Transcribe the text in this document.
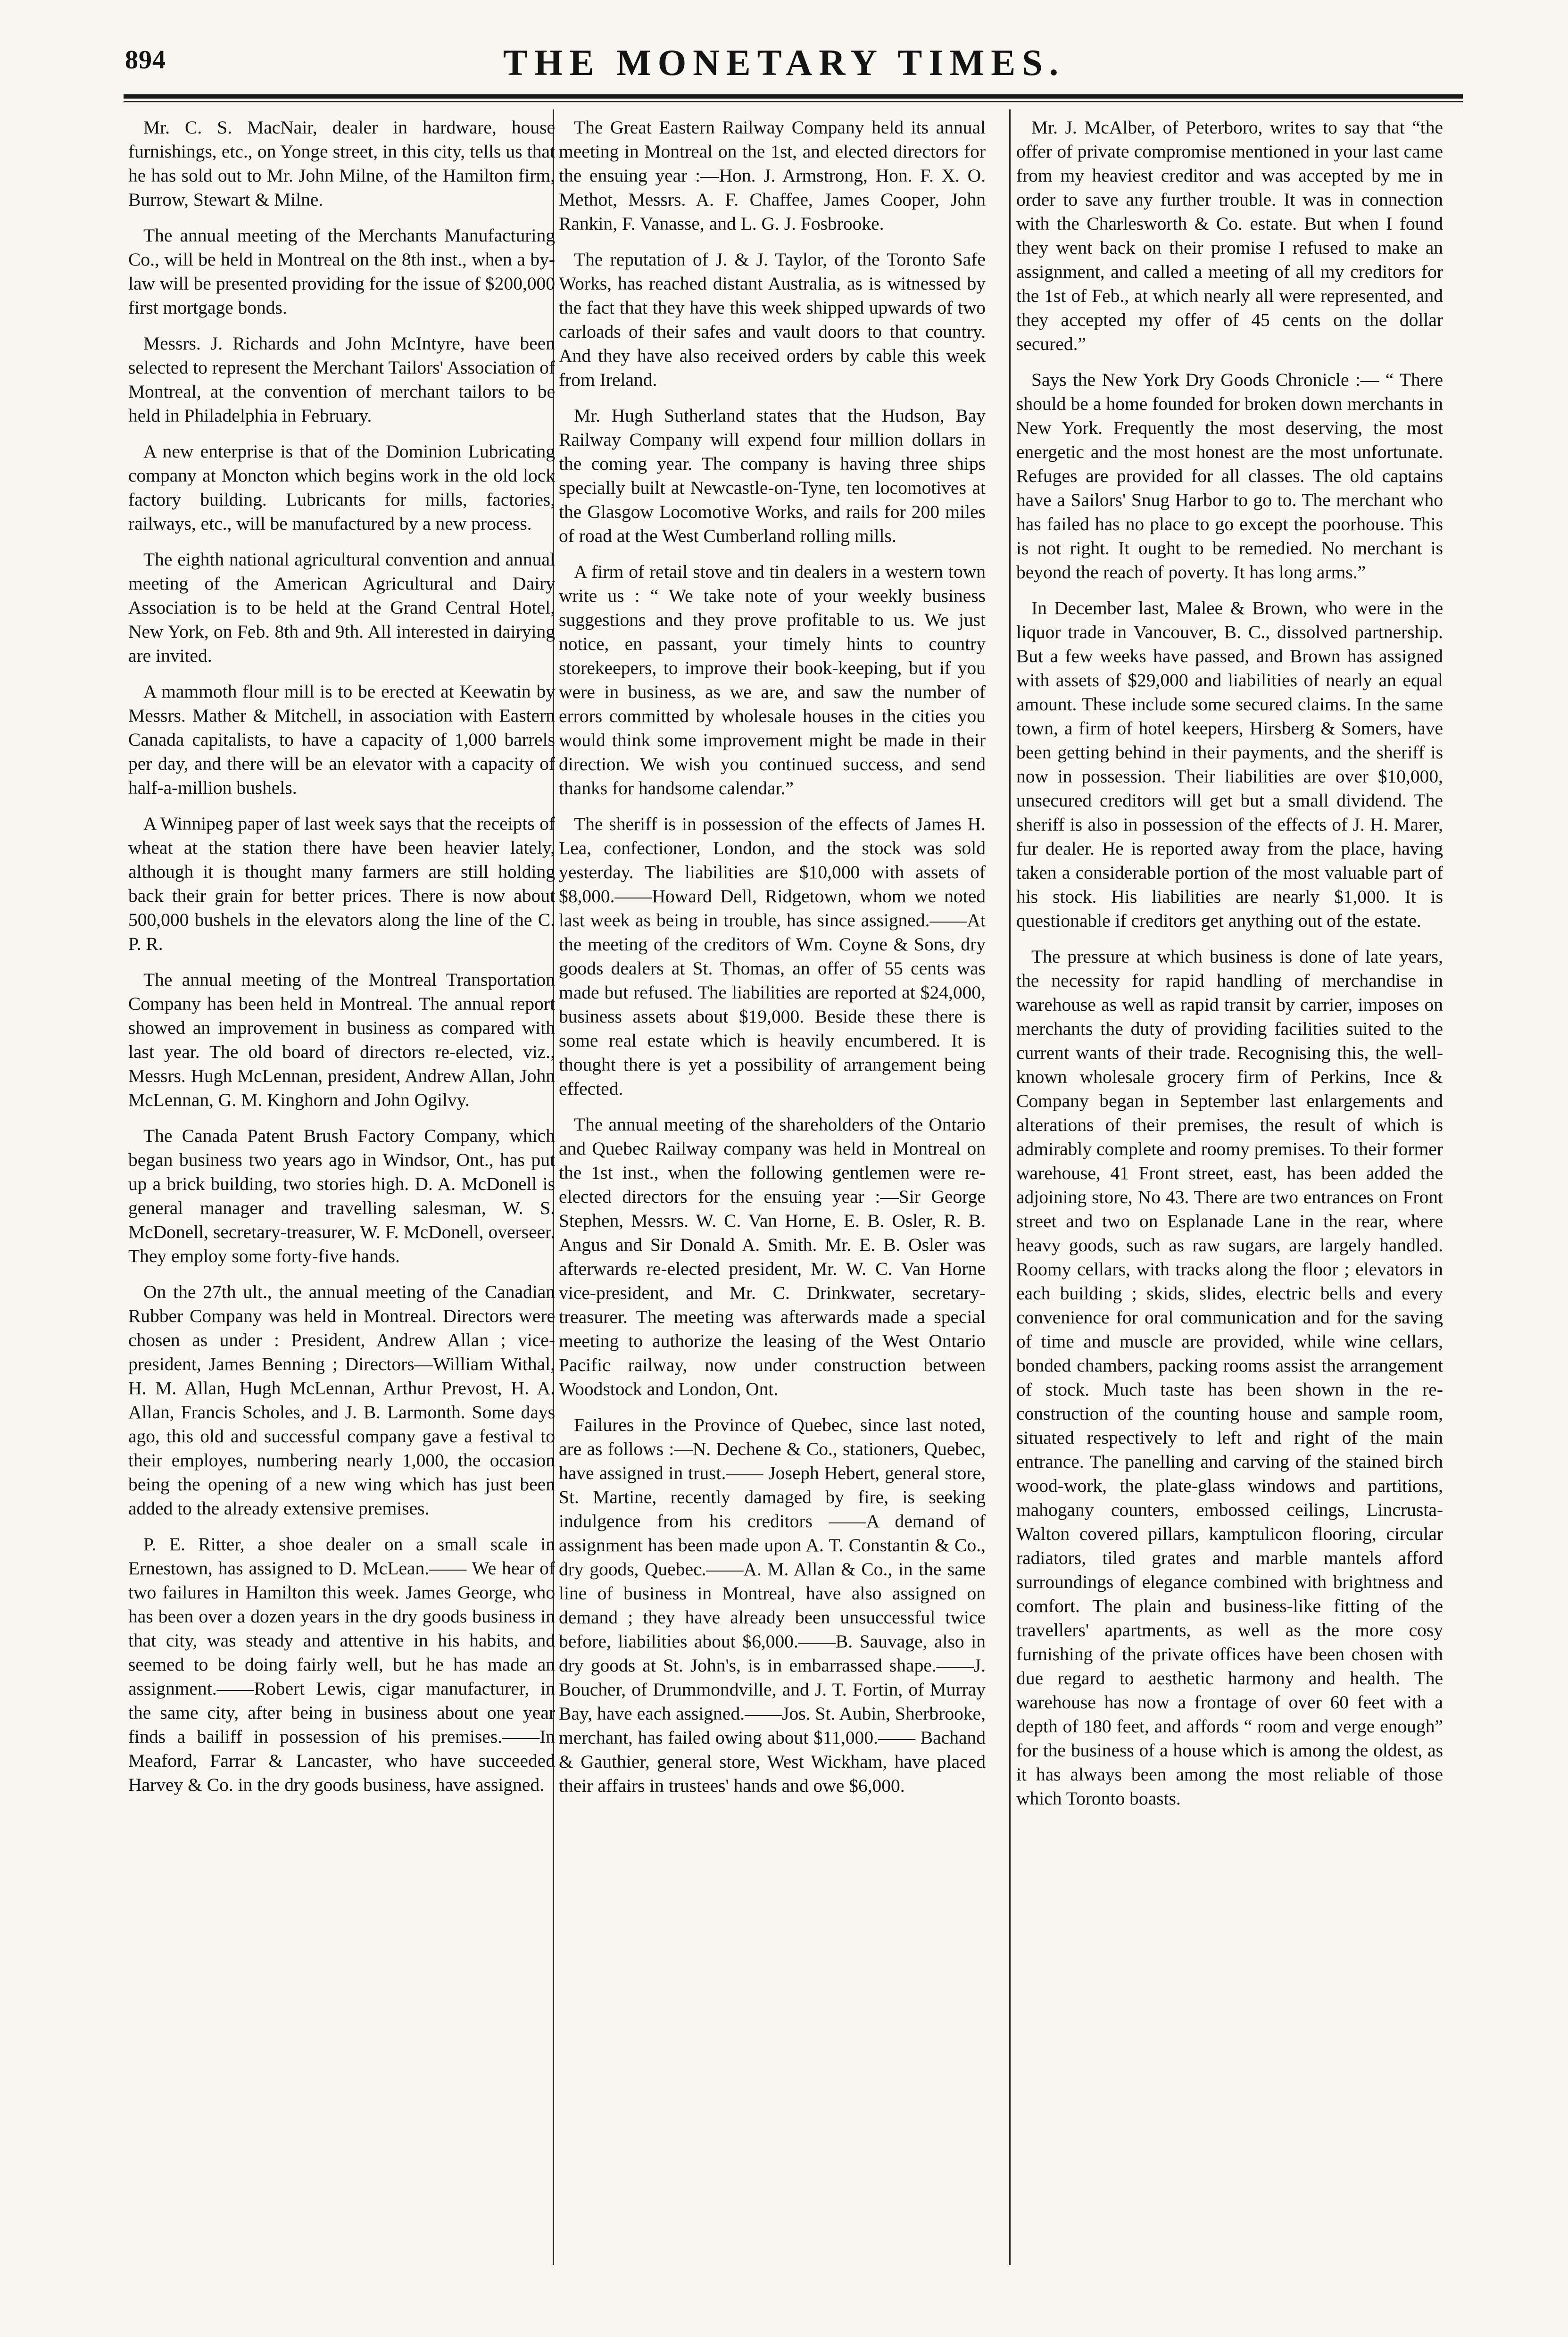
894	THE MONETARY TIMES.

Mr. C. S. MacNair, dealer in hardware, house furnishings, etc., on Yonge street, in this city, tells us that he has sold out to Mr. John Milne, of the Hamilton firm, Burrow, Stewart & Milne.

The annual meeting of the Merchants Manufacturing Co., will be held in Montreal on the 8th inst., when a by-law will be presented providing for the issue of $200,000 first mortgage bonds.

Messrs. J. Richards and John McIntyre, have been selected to represent the Merchant Tailors' Association of Montreal, at the convention of merchant tailors to be held in Philadelphia in February.

A new enterprise is that of the Dominion Lubricating company at Moncton which begins work in the old lock factory building. Lubricants for mills, factories, railways, etc., will be manufactured by a new process.

The eighth national agricultural convention and annual meeting of the American Agricultural and Dairy Association is to be held at the Grand Central Hotel, New York, on Feb. 8th and 9th. All interested in dairying are invited.

A mammoth flour mill is to be erected at Keewatin by Messrs. Mather & Mitchell, in association with Eastern Canada capitalists, to have a capacity of 1,000 barrels per day, and there will be an elevator with a capacity of half-a-million bushels.

A Winnipeg paper of last week says that the receipts of wheat at the station there have been heavier lately, although it is thought many farmers are still holding back their grain for better prices. There is now about 500,000 bushels in the elevators along the line of the C. P. R.

The annual meeting of the Montreal Transportation Company has been held in Montreal. The annual report showed an improvement in business as compared with last year. The old board of directors re-elected, viz., Messrs. Hugh McLennan, president, Andrew Allan, John McLennan, G. M. Kinghorn and John Ogilvy.

The Canada Patent Brush Factory Company, which began business two years ago in Windsor, Ont., has put up a brick building, two stories high. D. A. McDonell is general manager and travelling salesman, W. S. McDonell, secretary-treasurer, W. F. McDonell, overseer. They employ some forty-five hands.

On the 27th ult., the annual meeting of the Canadian Rubber Company was held in Montreal. Directors were chosen as under : President, Andrew Allan ; vice-president, James Benning ; Directors—William Withal, H. M. Allan, Hugh McLennan, Arthur Prevost, H. A. Allan, Francis Scholes, and J. B. Larmonth. Some days ago, this old and successful company gave a festival to their employes, numbering nearly 1,000, the occasion being the opening of a new wing which has just been added to the already extensive premises.

P. E. Ritter, a shoe dealer on a small scale in Ernestown, has assigned to D. McLean.—— We hear of two failures in Hamilton this week. James George, who has been over a dozen years in the dry goods business in that city, was steady and attentive in his habits, and seemed to be doing fairly well, but he has made an assignment.——Robert Lewis, cigar manufacturer, in the same city, after being in business about one year finds a bailiff in possession of his premises.——In Meaford, Farrar & Lancaster, who have succeeded Harvey & Co. in the dry goods business, have assigned.

The Great Eastern Railway Company held its annual meeting in Montreal on the 1st, and elected directors for the ensuing year :—Hon. J. Armstrong, Hon. F. X. O. Methot, Messrs. A. F. Chaffee, James Cooper, John Rankin, F. Vanasse, and L. G. J. Fosbrooke.

The reputation of J. & J. Taylor, of the Toronto Safe Works, has reached distant Australia, as is witnessed by the fact that they have this week shipped upwards of two carloads of their safes and vault doors to that country. And they have also received orders by cable this week from Ireland.

Mr. Hugh Sutherland states that the Hudson, Bay Railway Company will expend four million dollars in the coming year. The company is having three ships specially built at Newcastle-on-Tyne, ten locomotives at the Glasgow Locomotive Works, and rails for 200 miles of road at the West Cumberland rolling mills.

A firm of retail stove and tin dealers in a western town write us : “ We take note of your weekly business suggestions and they prove profitable to us. We just notice, en passant, your timely hints to country storekeepers, to improve their book-keeping, but if you were in business, as we are, and saw the number of errors committed by wholesale houses in the cities you would think some improvement might be made in their direction. We wish you continued success, and send thanks for handsome calendar.”

The sheriff is in possession of the effects of James H. Lea, confectioner, London, and the stock was sold yesterday. The liabilities are $10,000 with assets of $8,000.——Howard Dell, Ridgetown, whom we noted last week as being in trouble, has since assigned.——At the meeting of the creditors of Wm. Coyne & Sons, dry goods dealers at St. Thomas, an offer of 55 cents was made but refused. The liabilities are reported at $24,000, business assets about $19,000. Beside these there is some real estate which is heavily encumbered. It is thought there is yet a possibility of arrangement being effected.

The annual meeting of the shareholders of the Ontario and Quebec Railway company was held in Montreal on the 1st inst., when the following gentlemen were re-elected directors for the ensuing year :—Sir George Stephen, Messrs. W. C. Van Horne, E. B. Osler, R. B. Angus and Sir Donald A. Smith. Mr. E. B. Osler was afterwards re-elected president, Mr. W. C. Van Horne vice-president, and Mr. C. Drinkwater, secretary-treasurer. The meeting was afterwards made a special meeting to authorize the leasing of the West Ontario Pacific railway, now under construction between Woodstock and London, Ont.

Failures in the Province of Quebec, since last noted, are as follows :—N. Dechene & Co., stationers, Quebec, have assigned in trust.—— Joseph Hebert, general store, St. Martine, recently damaged by fire, is seeking indulgence from his creditors ——A demand of assignment has been made upon A. T. Constantin & Co., dry goods, Quebec.——A. M. Allan & Co., in the same line of business in Montreal, have also assigned on demand ; they have already been unsuccessful twice before, liabilities about $6,000.——B. Sauvage, also in dry goods at St. John's, is in embarrassed shape.——J. Boucher, of Drummondville, and J. T. Fortin, of Murray Bay, have each assigned.——Jos. St. Aubin, Sherbrooke, merchant, has failed owing about $11,000.—— Bachand & Gauthier, general store, West Wickham, have placed their affairs in trustees' hands and owe $6,000.

Mr. J. McAlber, of Peterboro, writes to say that “the offer of private compromise mentioned in your last came from my heaviest creditor and was accepted by me in order to save any further trouble. It was in connection with the Charlesworth & Co. estate. But when I found they went back on their promise I refused to make an assignment, and called a meeting of all my creditors for the 1st of Feb., at which nearly all were represented, and they accepted my offer of 45 cents on the dollar secured.”

Says the New York Dry Goods Chronicle :— “ There should be a home founded for broken down merchants in New York. Frequently the most deserving, the most energetic and the most honest are the most unfortunate. Refuges are provided for all classes. The old captains have a Sailors' Snug Harbor to go to. The merchant who has failed has no place to go except the poorhouse. This is not right. It ought to be remedied. No merchant is beyond the reach of poverty. It has long arms.”

In December last, Malee & Brown, who were in the liquor trade in Vancouver, B. C., dissolved partnership. But a few weeks have passed, and Brown has assigned with assets of $29,000 and liabilities of nearly an equal amount. These include some secured claims. In the same town, a firm of hotel keepers, Hirsberg & Somers, have been getting behind in their payments, and the sheriff is now in possession. Their liabilities are over $10,000, unsecured creditors will get but a small dividend. The sheriff is also in possession of the effects of J. H. Marer, fur dealer. He is reported away from the place, having taken a considerable portion of the most valuable part of his stock. His liabilities are nearly $1,000. It is questionable if creditors get anything out of the estate.

The pressure at which business is done of late years, the necessity for rapid handling of merchandise in warehouse as well as rapid transit by carrier, imposes on merchants the duty of providing facilities suited to the current wants of their trade. Recognising this, the well-known wholesale grocery firm of Perkins, Ince & Company began in September last enlargements and alterations of their premises, the result of which is admirably complete and roomy premises. To their former warehouse, 41 Front street, east, has been added the adjoining store, No 43. There are two entrances on Front street and two on Esplanade Lane in the rear, where heavy goods, such as raw sugars, are largely handled. Roomy cellars, with tracks along the floor ; elevators in each building ; skids, slides, electric bells and every convenience for oral communication and for the saving of time and muscle are provided, while wine cellars, bonded chambers, packing rooms assist the arrangement of stock. Much taste has been shown in the re-construction of the counting house and sample room, situated respectively to left and right of the main entrance. The panelling and carving of the stained birch wood-work, the plate-glass windows and partitions, mahogany counters, embossed ceilings, Lincrusta-Walton covered pillars, kamptulicon flooring, circular radiators, tiled grates and marble mantels afford surroundings of elegance combined with brightness and comfort. The plain and business-like fitting of the travellers' apartments, as well as the more cosy furnishing of the private offices have been chosen with due regard to aesthetic harmony and health. The warehouse has now a frontage of over 60 feet with a depth of 180 feet, and affords “ room and verge enough” for the business of a house which is among the oldest, as it has always been among the most reliable of those which Toronto boasts.
